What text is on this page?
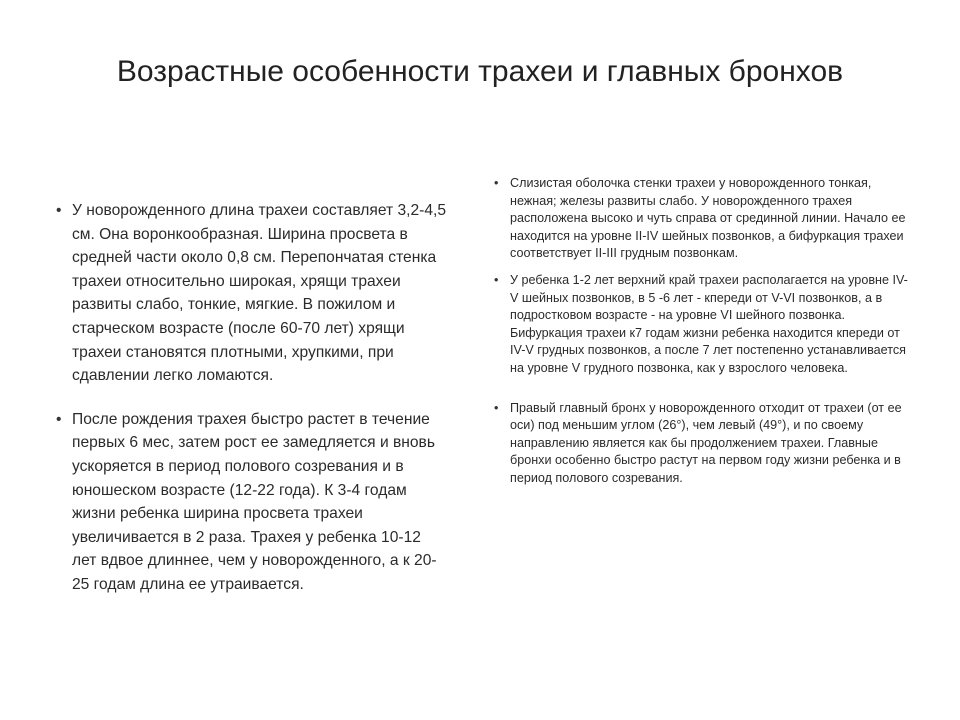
Возрастные особенности трахеи и главных бронхов
• У новорожденного длина трахеи составляет 3,2-4,5 см. Она воронкообразная. Ширина просвета в средней части около 0,8 см. Перепончатая стенка трахеи относительно широкая, хрящи трахеи развиты слабо, тонкие, мягкие. В пожилом и старческом возрасте (после 60-70 лет) хрящи трахеи становятся плотными, хрупкими, при сдавлении легко ломаются.
• После рождения трахея быстро растет в течение первых 6 мес, затем рост ее замедляется и вновь ускоряется в период полового созревания и в юношеском возрасте (12-22 года). К 3-4 годам жизни ребенка ширина просвета трахеи увеличивается в 2 раза. Трахея у ребенка 10-12 лет вдвое длиннее, чем у новорожденного, а к 20-25 годам длина ее утраивается.
• Слизистая оболочка стенки трахеи у новорожденного тонкая, нежная; железы развиты слабо. У новорожденного трахея расположена высоко и чуть справа от срединной линии. Начало ее находится на уровне II-IV шейных позвонков, а бифуркация трахеи соответствует II-III грудным позвонкам.
• У ребенка 1-2 лет верхний край трахеи располагается на уровне IV-V шейных позвонков, в 5 -6 лет - кпереди от V-VI позвонков, а в подростковом возрасте - на уровне VI шейного позвонка. Бифуркация трахеи к7 годам жизни ребенка находится кпереди от IV-V грудных позвонков, а после 7 лет постепенно устанавливается на уровне V грудного позвонка, как у взрослого человека.
• Правый главный бронх у новорожденного отходит от трахеи (от ее оси) под меньшим углом (26°), чем левый (49°), и по своему направлению является как бы продолжением трахеи. Главные бронхи особенно быстро растут на первом году жизни ребенка и в период полового созревания.
